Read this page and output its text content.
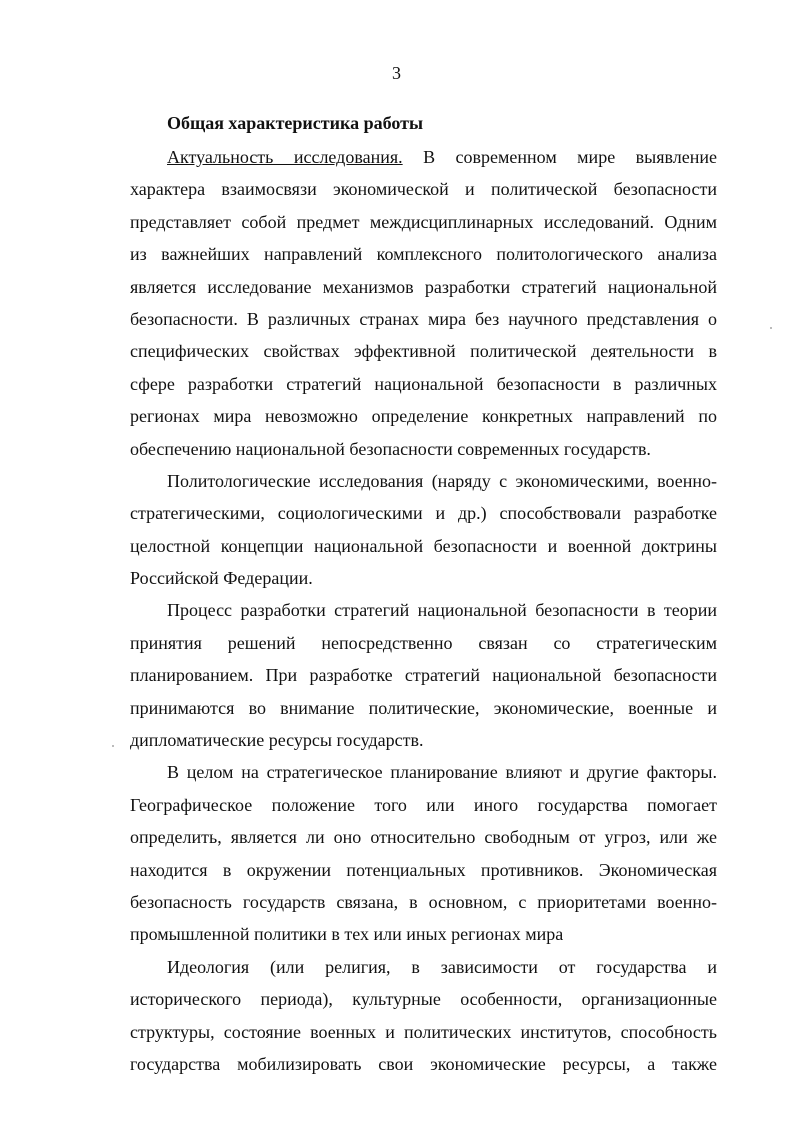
3
Общая характеристика работы
Актуальность исследования. В современном мире выявление
характера взаимосвязи экономической и политической безопасности
представляет собой предмет междисциплинарных исследований. Одним
из важнейших направлений комплексного политологического анализа
является исследование механизмов разработки стратегий национальной
безопасности. В различных странах мира без научного представления о
специфических свойствах эффективной политической деятельности в
сфере разработки стратегий национальной безопасности в различных
регионах мира невозможно определение конкретных направлений по
обеспечению национальной безопасности современных государств.
Политологические исследования (наряду с экономическими, военно-
стратегическими, социологическими и др.) способствовали разработке
целостной концепции национальной безопасности и военной доктрины
Российской Федерации.
Процесс разработки стратегий национальной безопасности в теории
принятия решений непосредственно связан со стратегическим
планированием. При разработке стратегий национальной безопасности
принимаются во внимание политические, экономические, военные и
дипломатические ресурсы государств.
В целом на стратегическое планирование влияют и другие факторы.
Географическое положение того или иного государства помогает
определить, является ли оно относительно свободным от угроз, или же
находится в окружении потенциальных противников. Экономическая
безопасность государств связана, в основном, с приоритетами военно-
промышленной политики в тех или иных регионах мира
Идеология (или религия, в зависимости от государства и
исторического периода), культурные особенности, организационные
структуры, состояние военных и политических институтов, способность
государства мобилизировать свои экономические ресурсы, а также
